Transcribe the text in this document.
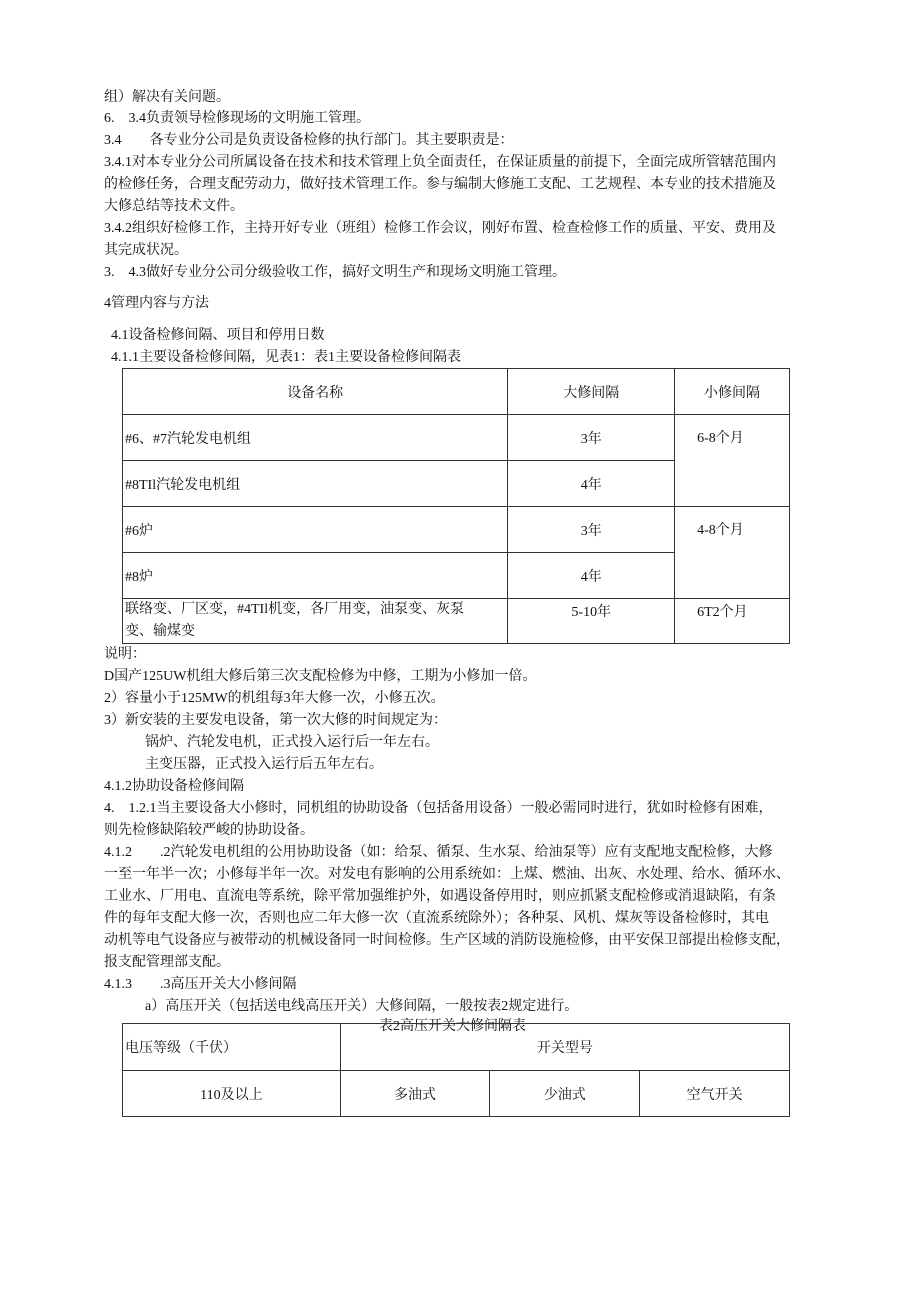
组）解决有关问题。
6.　3.4负责领导检修现场的文明施工管理。
3.4　　各专业分公司是负责设备检修的执行部门。其主要职责是：
3.4.1对本专业分公司所属设备在技术和技术管理上负全面责任，在保证质量的前提下，全面完成所管辖范围内
的检修任务，合理支配劳动力，做好技术管理工作。参与编制大修施工支配、工艺规程、本专业的技术措施及
大修总结等技术文件。
3.4.2组织好检修工作，主持开好专业（班组）检修工作会议，刚好布置、检查检修工作的质量、平安、费用及
其完成状况。
3.　4.3做好专业分公司分级验收工作，搞好文明生产和现场文明施工管理。
4管理内容与方法
4.1设备检修间隔、项目和停用日数
4.1.1主要设备检修间隔，见表1：表1主要设备检修间隔表
设备名称	大修间隔	小修间隔
#6、#7汽轮发电机组	3年	6-8个月
#8TIl汽轮发电机组	4年	
#6炉	3年	4-8个月
#8炉	4年	
联络变、厂区变，#4TIl机变，各厂用变，油泵变、灰泵变、输煤变	5-10年	6T2个月
说明：
D国产125UW机组大修后第三次支配检修为中修，工期为小修加一倍。
2）容量小于125MW的机组每3年大修一次，小修五次。
3）新安装的主要发电设备，第一次大修的时间规定为：
锅炉、汽轮发电机，正式投入运行后一年左右。
主变压器，正式投入运行后五年左右。
4.1.2协助设备检修间隔
4.　1.2.1当主要设备大小修时，同机组的协助设备（包括备用设备）一般必需同时进行，犹如时检修有困难，
则先检修缺陷较严峻的协助设备。
4.1.2　　.2汽轮发电机组的公用协助设备（如：给泵、循泵、生水泵、给油泵等）应有支配地支配检修，大修
一至一年半一次；小修每半年一次。对发电有影响的公用系统如：上煤、燃油、出灰、水处理、给水、循环水、
工业水、厂用电、直流电等系统，除平常加强维护外，如遇设备停用时，则应抓紧支配检修或消退缺陷，有条
件的每年支配大修一次，否则也应二年大修一次（直流系统除外）；各种泵、风机、煤灰等设备检修时，其电
动机等电气设备应与被带动的机械设备同一时间检修。生产区域的消防设施检修，由平安保卫部提出检修支配，
报支配管理部支配。
4.1.3　　.3高压开关大小修间隔
a）高压开关（包括送电线高压开关）大修间隔，一般按表2规定进行。
表2高压开关大修间隔表
电压等级（千伏）	开关型号		
110及以上	多油式	少油式	空气开关
